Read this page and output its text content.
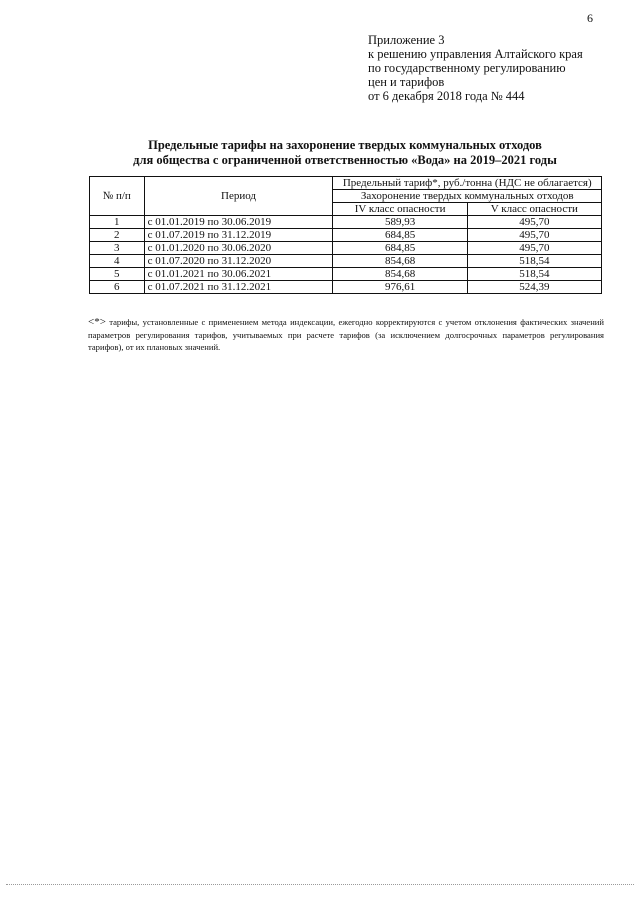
6
Приложение 3
к решению управления Алтайского края
по государственному регулированию
цен и тарифов
от 6 декабря 2018 года № 444
Предельные тарифы на захоронение твердых коммунальных отходов
для общества с ограниченной ответственностью «Вода» на 2019–2021 годы
№ п/п	Период	Предельный тариф*, руб./тонна (НДС не облагается)	
		Захоронение твердых коммунальных отходов	
		IV класс опасности	V класс опасности
1	с 01.01.2019 по 30.06.2019	589,93	495,70
2	с 01.07.2019 по 31.12.2019	684,85	495,70
3	с 01.01.2020 по 30.06.2020	684,85	495,70
4	с 01.07.2020 по 31.12.2020	854,68	518,54
5	с 01.01.2021 по 30.06.2021	854,68	518,54
6	с 01.07.2021 по 31.12.2021	976,61	524,39
<*> тарифы, установленные с применением метода индексации, ежегодно корректируются с учетом отклонения фактических значений параметров регулирования тарифов, учитываемых при расчете тарифов (за исключением долгосрочных параметров регулирования тарифов), от их плановых значений.
